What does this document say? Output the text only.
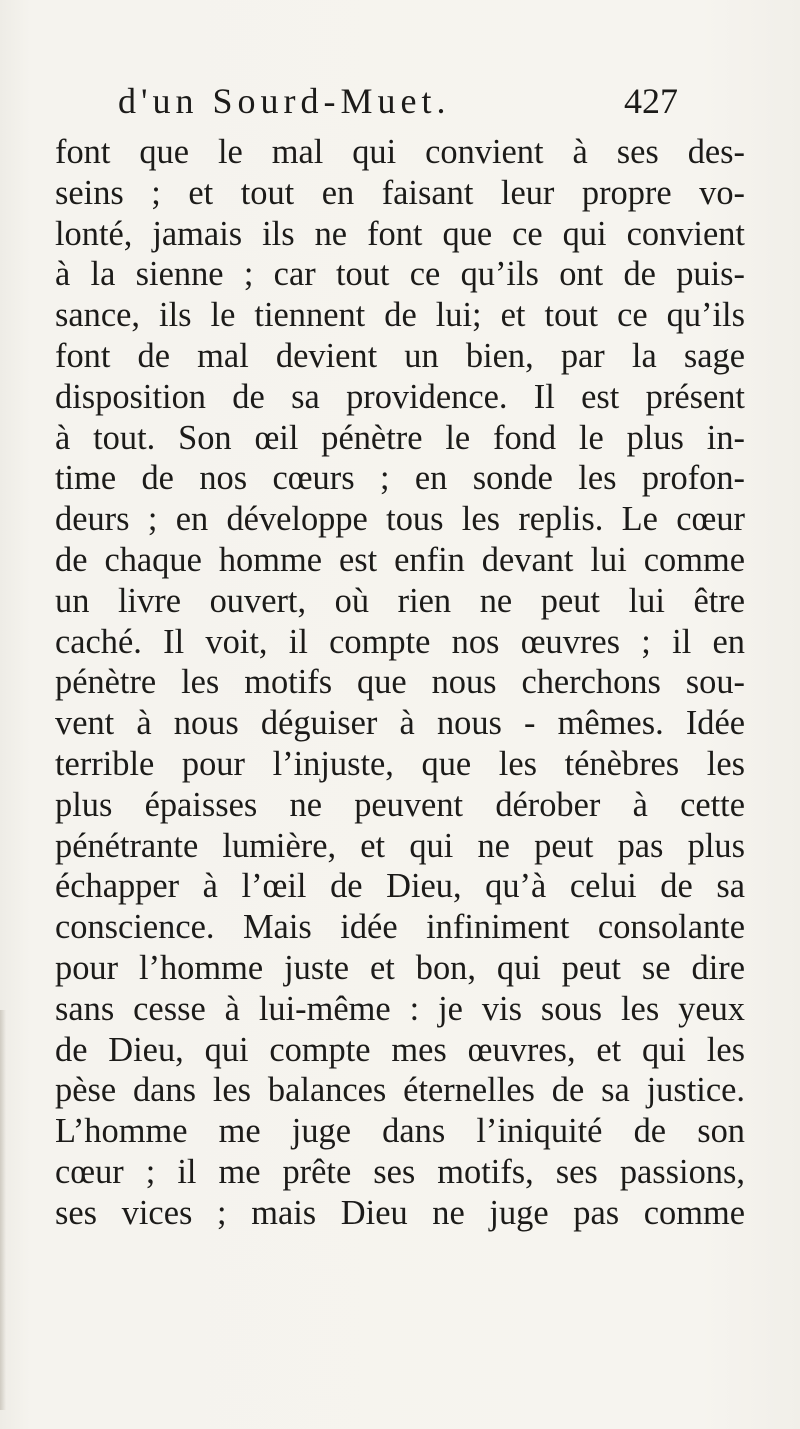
d'un Sourd-Muet.	427
font que le mal qui convient à ses des-
seins ; et tout en faisant leur propre vo-
lonté, jamais ils ne font que ce qui convient
à la sienne ; car tout ce qu’ils ont de puis-
sance, ils le tiennent de lui; et tout ce qu’ils
font de mal devient un bien, par la sage
disposition de sa providence. Il est présent
à tout. Son œil pénètre le fond le plus in-
time de nos cœurs ; en sonde les profon-
deurs ; en développe tous les replis. Le cœur
de chaque homme est enfin devant lui comme
un livre ouvert, où rien ne peut lui être
caché. Il voit, il compte nos œuvres ; il en
pénètre les motifs que nous cherchons sou-
vent à nous déguiser à nous - mêmes. Idée
terrible pour l’injuste, que les ténèbres les
plus épaisses ne peuvent dérober à cette
pénétrante lumière, et qui ne peut pas plus
échapper à l’œil de Dieu, qu’à celui de sa
conscience. Mais idée infiniment consolante
pour l’homme juste et bon, qui peut se dire
sans cesse à lui-même : je vis sous les yeux
de Dieu, qui compte mes œuvres, et qui les
pèse dans les balances éternelles de sa justice.
L’homme me juge dans l’iniquité de son
cœur ; il me prête ses motifs, ses passions,
ses vices ; mais Dieu ne juge pas comme
